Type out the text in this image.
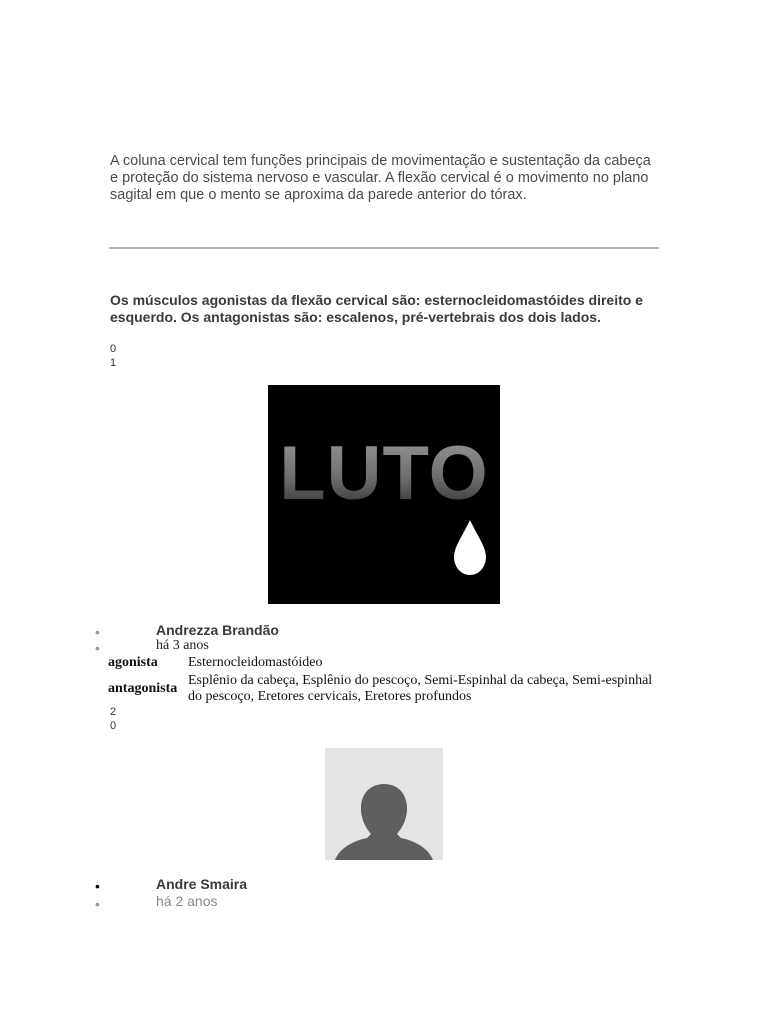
A coluna cervical tem funções principais de movimentação e sustentação da cabeça e proteção do sistema nervoso e vascular. A flexão cervical é o movimento no plano sagital em que o mento se aproxima da parede anterior do tórax.
Os músculos agonistas da flexão cervical são: esternocleidomastóides direito e esquerdo. Os antagonistas são: escalenos, pré-vertebrais dos dois lados.
0
1
LUTO
•	Andrezza Brandão
•	há 3 anos
agonista	Esternocleidomastóideo
antagonista	Esplênio da cabeça, Esplênio do pescoço, Semi-Espinhal da cabeça, Semi-espinhal do pescoço, Eretores cervicais, Eretores profundos
2
0
•	Andre Smaira
•	há 2 anos
